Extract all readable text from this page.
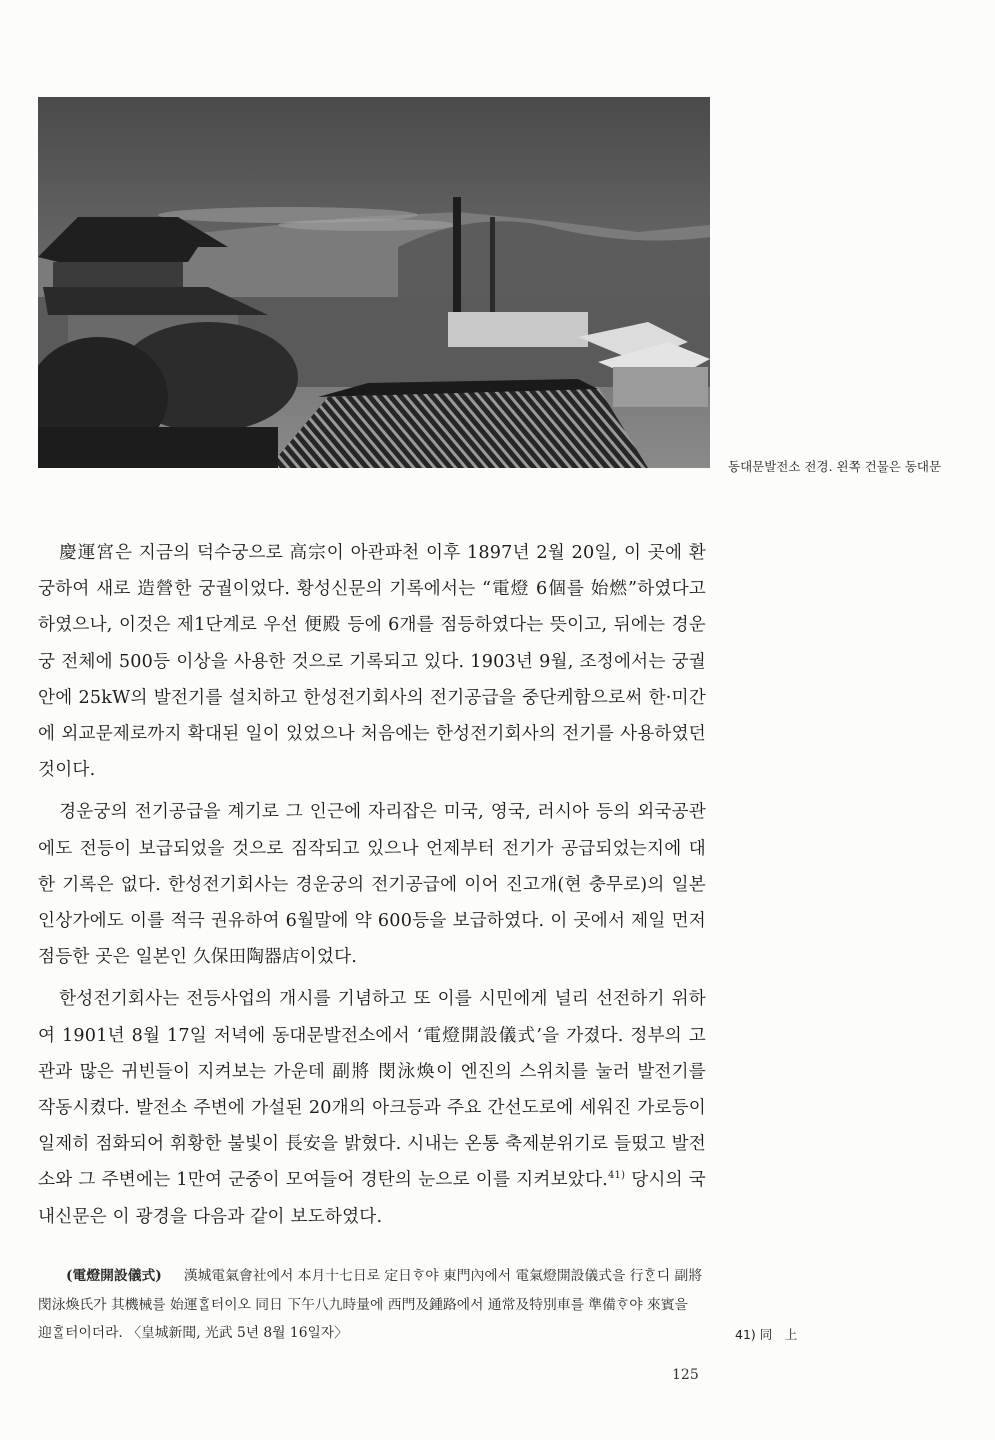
동대문발전소 전경. 왼쪽 건물은 동대문

慶運宮은 지금의 덕수궁으로 高宗이 아관파천 이후 1897년 2월 20일, 이 곳에 환궁하여 새로 造營한 궁궐이었다. 황성신문의 기록에서는 “電燈 6個를 始燃”하였다고 하였으나, 이것은 제1단계로 우선 便殿 등에 6개를 점등하였다는 뜻이고, 뒤에는 경운궁 전체에 500등 이상을 사용한 것으로 기록되고 있다. 1903년 9월, 조정에서는 궁궐 안에 25kW의 발전기를 설치하고 한성전기회사의 전기공급을 중단케함으로써 한·미간에 외교문제로까지 확대된 일이 있었으나 처음에는 한성전기회사의 전기를 사용하였던 것이다.

경운궁의 전기공급을 계기로 그 인근에 자리잡은 미국, 영국, 러시아 등의 외국공관에도 전등이 보급되었을 것으로 짐작되고 있으나 언제부터 전기가 공급되었는지에 대한 기록은 없다. 한성전기회사는 경운궁의 전기공급에 이어 진고개(현 충무로)의 일본인상가에도 이를 적극 권유하여 6월말에 약 600등을 보급하였다. 이 곳에서 제일 먼저 점등한 곳은 일본인 久保田陶器店이었다.

한성전기회사는 전등사업의 개시를 기념하고 또 이를 시민에게 널리 선전하기 위하여 1901년 8월 17일 저녁에 동대문발전소에서 ‘電燈開設儀式’을 가졌다. 정부의 고관과 많은 귀빈들이 지켜보는 가운데 副將 閔泳煥이 엔진의 스위치를 눌러 발전기를 작동시켰다. 발전소 주변에 가설된 20개의 아크등과 주요 간선도로에 세워진 가로등이 일제히 점화되어 휘황한 불빛이 長安을 밝혔다. 시내는 온통 축제분위기로 들떴고 발전소와 그 주변에는 1만여 군중이 모여들어 경탄의 눈으로 이를 지켜보았다.$^{41)}$ 당시의 국내신문은 이 광경을 다음과 같이 보도하였다.

(電燈開設儀式) 漢城電氣會社에서 本月十七日로 定日ᄒᆞ야 東門內에서 電氣燈開設儀式을 行ᄒᆞᆫ디 副將 閔泳煥氏가 其機械를 始運ᄒᆞᆯ터이오 同日 下午八九時量에 西門及鍾路에서 通常及特別車를 準備ᄒᆞ야 來賓을 迎ᄒᆞᆯ터이더라. 〈皇城新聞, 光武 5년 8월 16일자〉	41) 同　上
125
